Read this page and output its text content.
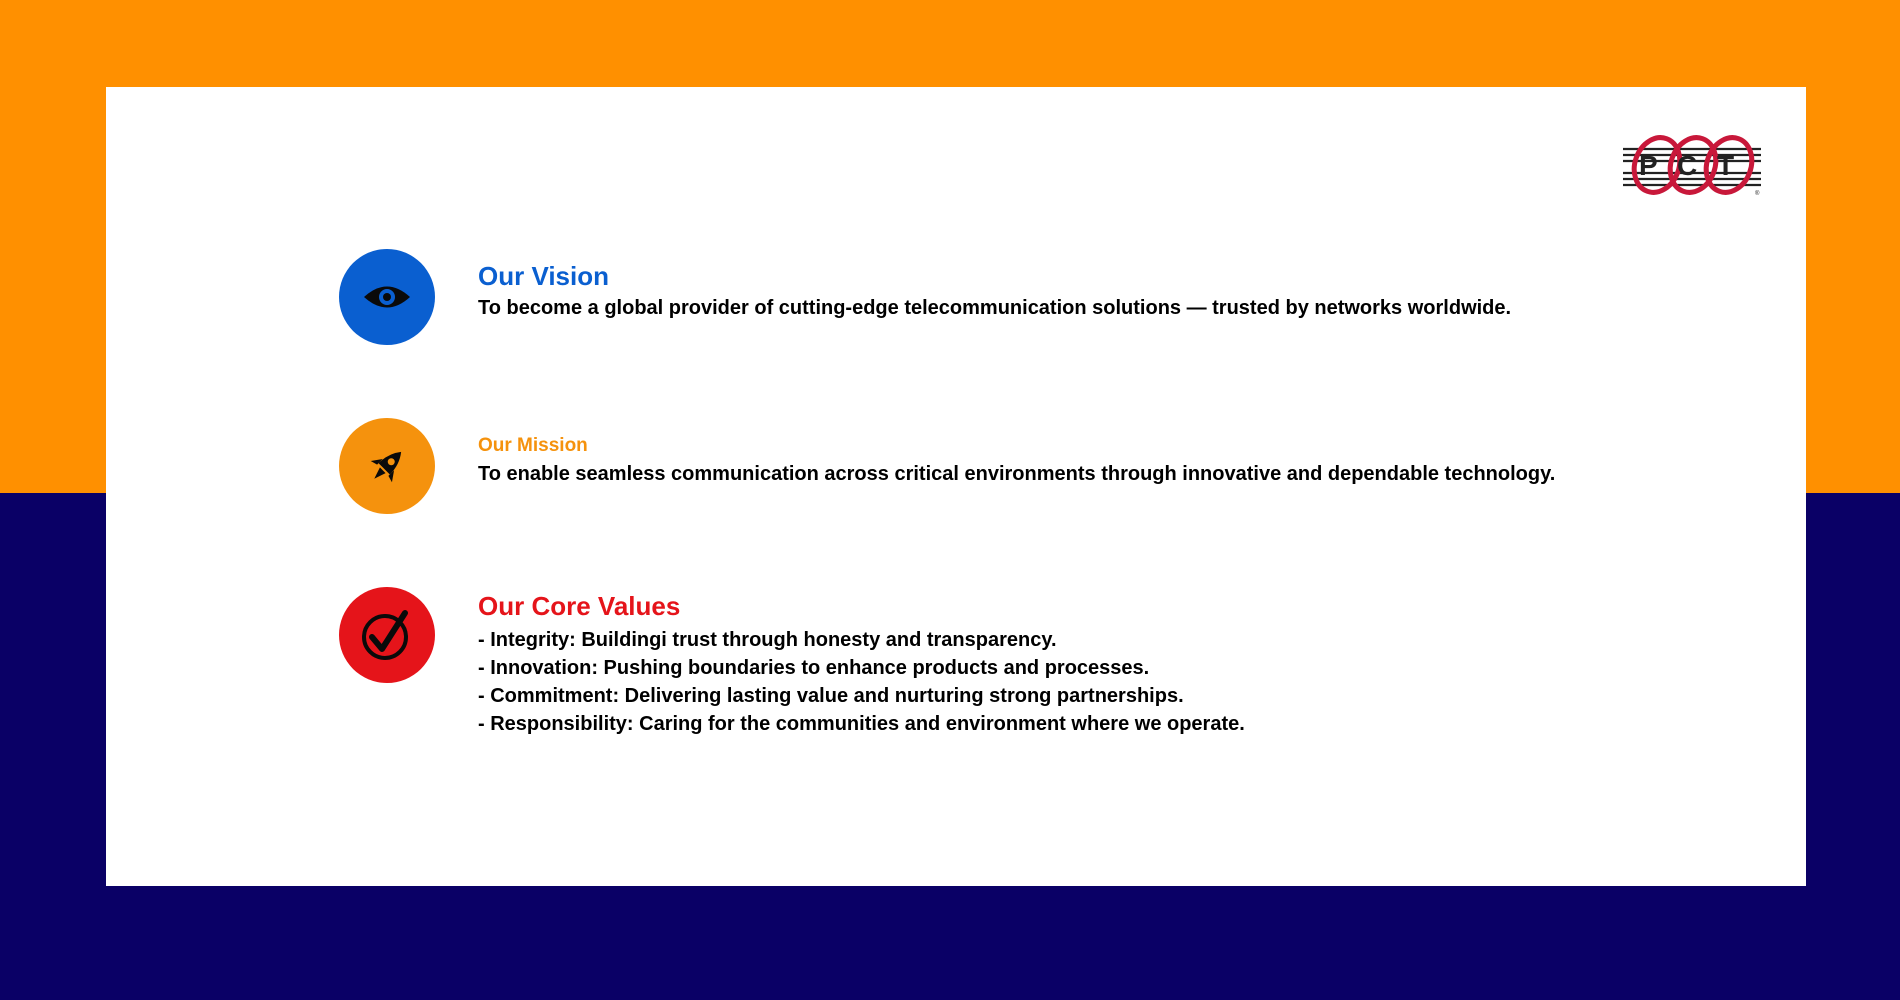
P C T
®
Our Vision

To become a global provider of cutting-edge telecommunication solutions — trusted by networks worldwide.

Our Mission

To enable seamless communication across critical environments through innovative and dependable technology.

Our Core Values
- Integrity: Buildingi trust through honesty and transparency.
- Innovation: Pushing boundaries to enhance products and processes.
- Commitment: Delivering lasting value and nurturing strong partnerships.
- Responsibility: Caring for the communities and environment where we operate.
